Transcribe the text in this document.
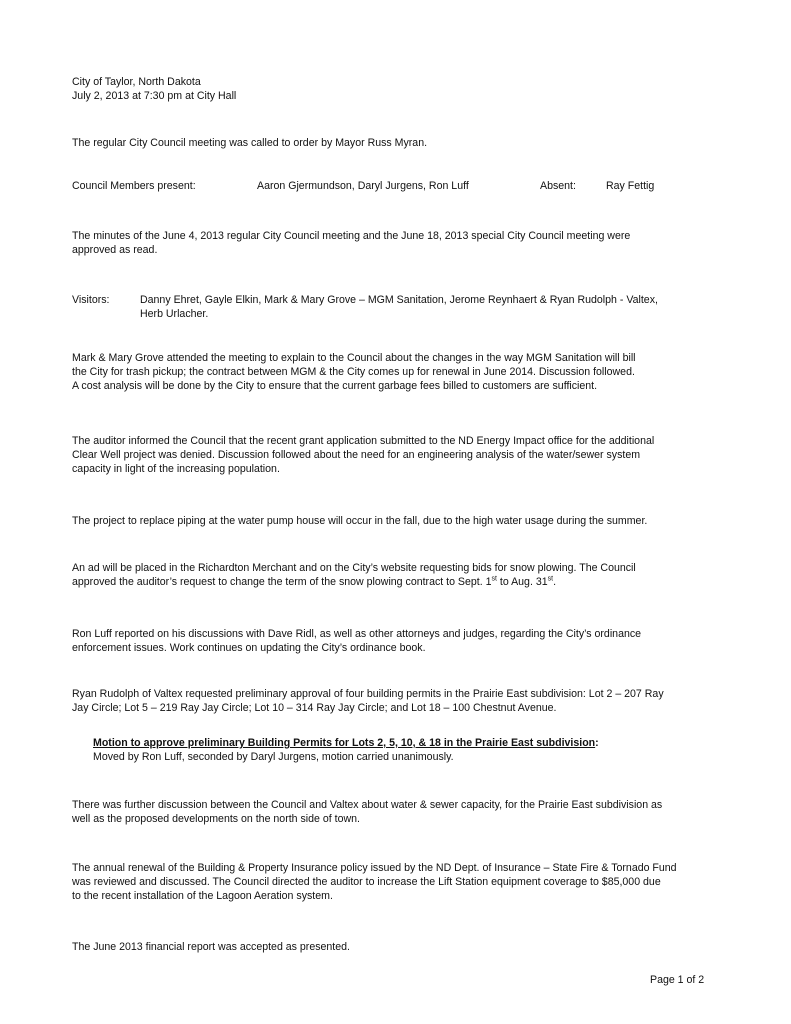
City of Taylor, North Dakota
July 2, 2013 at 7:30 pm at City Hall
The regular City Council meeting was called to order by Mayor Russ Myran.
Council Members present:	Aaron Gjermundson, Daryl Jurgens, Ron Luff	Absent:	Ray Fettig
The minutes of the June 4, 2013 regular City Council meeting and the June 18, 2013 special City Council meeting were
approved as read.
Visitors:	Danny Ehret, Gayle Elkin, Mark & Mary Grove – MGM Sanitation, Jerome Reynhaert & Ryan Rudolph - Valtex,
Herb Urlacher.
Mark & Mary Grove attended the meeting to explain to the Council about the changes in the way MGM Sanitation will bill
the City for trash pickup; the contract between MGM & the City comes up for renewal in June 2014. Discussion followed.
A cost analysis will be done by the City to ensure that the current garbage fees billed to customers are sufficient.
The auditor informed the Council that the recent grant application submitted to the ND Energy Impact office for the additional
Clear Well project was denied. Discussion followed about the need for an engineering analysis of the water/sewer system
capacity in light of the increasing population.
The project to replace piping at the water pump house will occur in the fall, due to the high water usage during the summer.
An ad will be placed in the Richardton Merchant and on the City’s website requesting bids for snow plowing. The Council
approved the auditor’s request to change the term of the snow plowing contract to Sept. 1st to Aug. 31st.
Ron Luff reported on his discussions with Dave Ridl, as well as other attorneys and judges, regarding the City’s ordinance
enforcement issues. Work continues on updating the City’s ordinance book.
Ryan Rudolph of Valtex requested preliminary approval of four building permits in the Prairie East subdivision: Lot 2 – 207 Ray
Jay Circle; Lot 5 – 219 Ray Jay Circle; Lot 10 – 314 Ray Jay Circle; and Lot 18 – 100 Chestnut Avenue.
Motion to approve preliminary Building Permits for Lots 2, 5, 10, & 18 in the Prairie East subdivision:
Moved by Ron Luff, seconded by Daryl Jurgens, motion carried unanimously.
There was further discussion between the Council and Valtex about water & sewer capacity, for the Prairie East subdivision as
well as the proposed developments on the north side of town.
The annual renewal of the Building & Property Insurance policy issued by the ND Dept. of Insurance – State Fire & Tornado Fund
was reviewed and discussed. The Council directed the auditor to increase the Lift Station equipment coverage to $85,000 due
to the recent installation of the Lagoon Aeration system.
The June 2013 financial report was accepted as presented.
Page 1 of 2
